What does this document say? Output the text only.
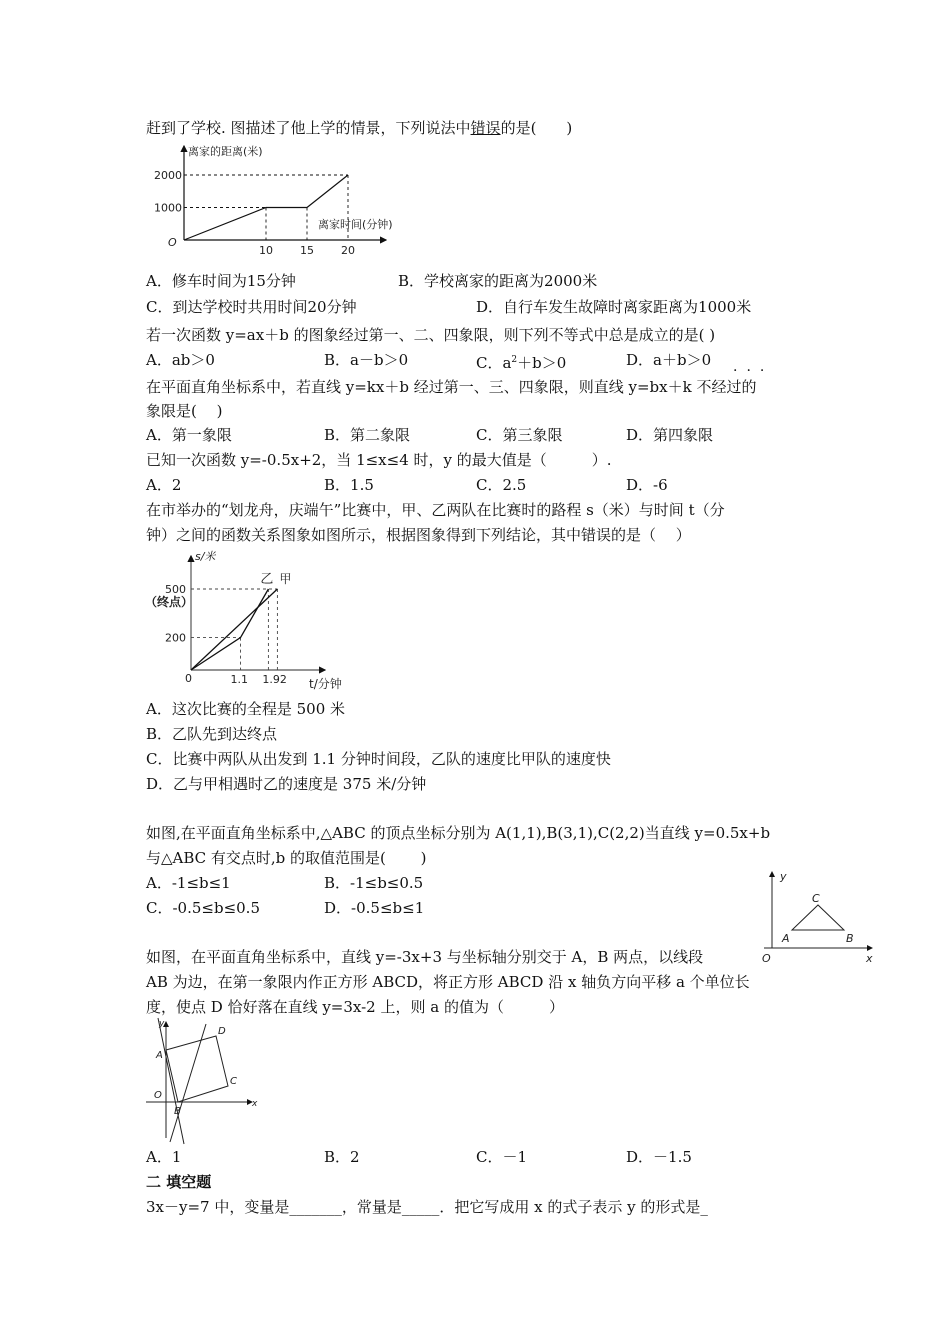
赶到了学校. 图描述了他上学的情景，下列说法中错误的是(　　)
离家的距离(米)
离家时间(分钟)
O
1000
2000
10 15 20
A．修车时间为15分钟	B．学校离家的距离为2000米
C．到达学校时共用时间20分钟	D．自行车发生故障时离家距离为1000米
若一次函数 y=ax＋b 的图象经过第一、二、四象限，则下列不等式中总是成立的是( )
A．ab＞0	B．a－b＞0	C．$a^2+b>0$	D．a＋b＞0
···
在平面直角坐标系中，若直线 y=kx＋b 经过第一、三、四象限，则直线 y=bx＋k 不经过的
象限是(　 )
A．第一象限	B．第二象限	C．第三象限	D．第四象限
已知一次函数 y=-0.5x+2，当 1≤x≤4 时，y 的最大值是（　　　）.
A．2	B．1.5	C．2.5	D．-6
在市举办的“划龙舟，庆端午”比赛中，甲、乙两队在比赛时的路程 s（米）与时间 t（分
钟）之间的函数关系图象如图所示，根据图象得到下列结论，其中错误的是（　 ）
s/米
t/分钟
（终点）
0
500
200
1.1 1.92
乙 甲
A．这次比赛的全程是 500 米
B．乙队先到达终点
C．比赛中两队从出发到 1.1 分钟时间段，乙队的速度比甲队的速度快
D．乙与甲相遇时乙的速度是 375 米/分钟
如图,在平面直角坐标系中,△ABC 的顶点坐标分别为 A(1,1),B(3,1),C(2,2)当直线 y=0.5x+b
与△ABC 有交点时,b 的取值范围是(　　 )
A．-1≤b≤1	B．-1≤b≤0.5
C．-0.5≤b≤0.5	D．-0.5≤b≤1
y
x
O
A	B
C
如图，在平面直角坐标系中，直线 y=-3x+3 与坐标轴分别交于 A，B 两点，以线段
AB 为边，在第一象限内作正方形 ABCD，将正方形 ABCD 沿 x 轴负方向平移 a 个单位长
度，使点 D 恰好落在直线 y=3x-2 上，则 a 的值为（　　　）
y
x
O
A
B
C
D
A．1	B．2	C．－1	D．－1.5
二 填空题
3x－y=7 中，变量是_______，常量是_____．把它写成用 x 的式子表示 y 的形式是_
